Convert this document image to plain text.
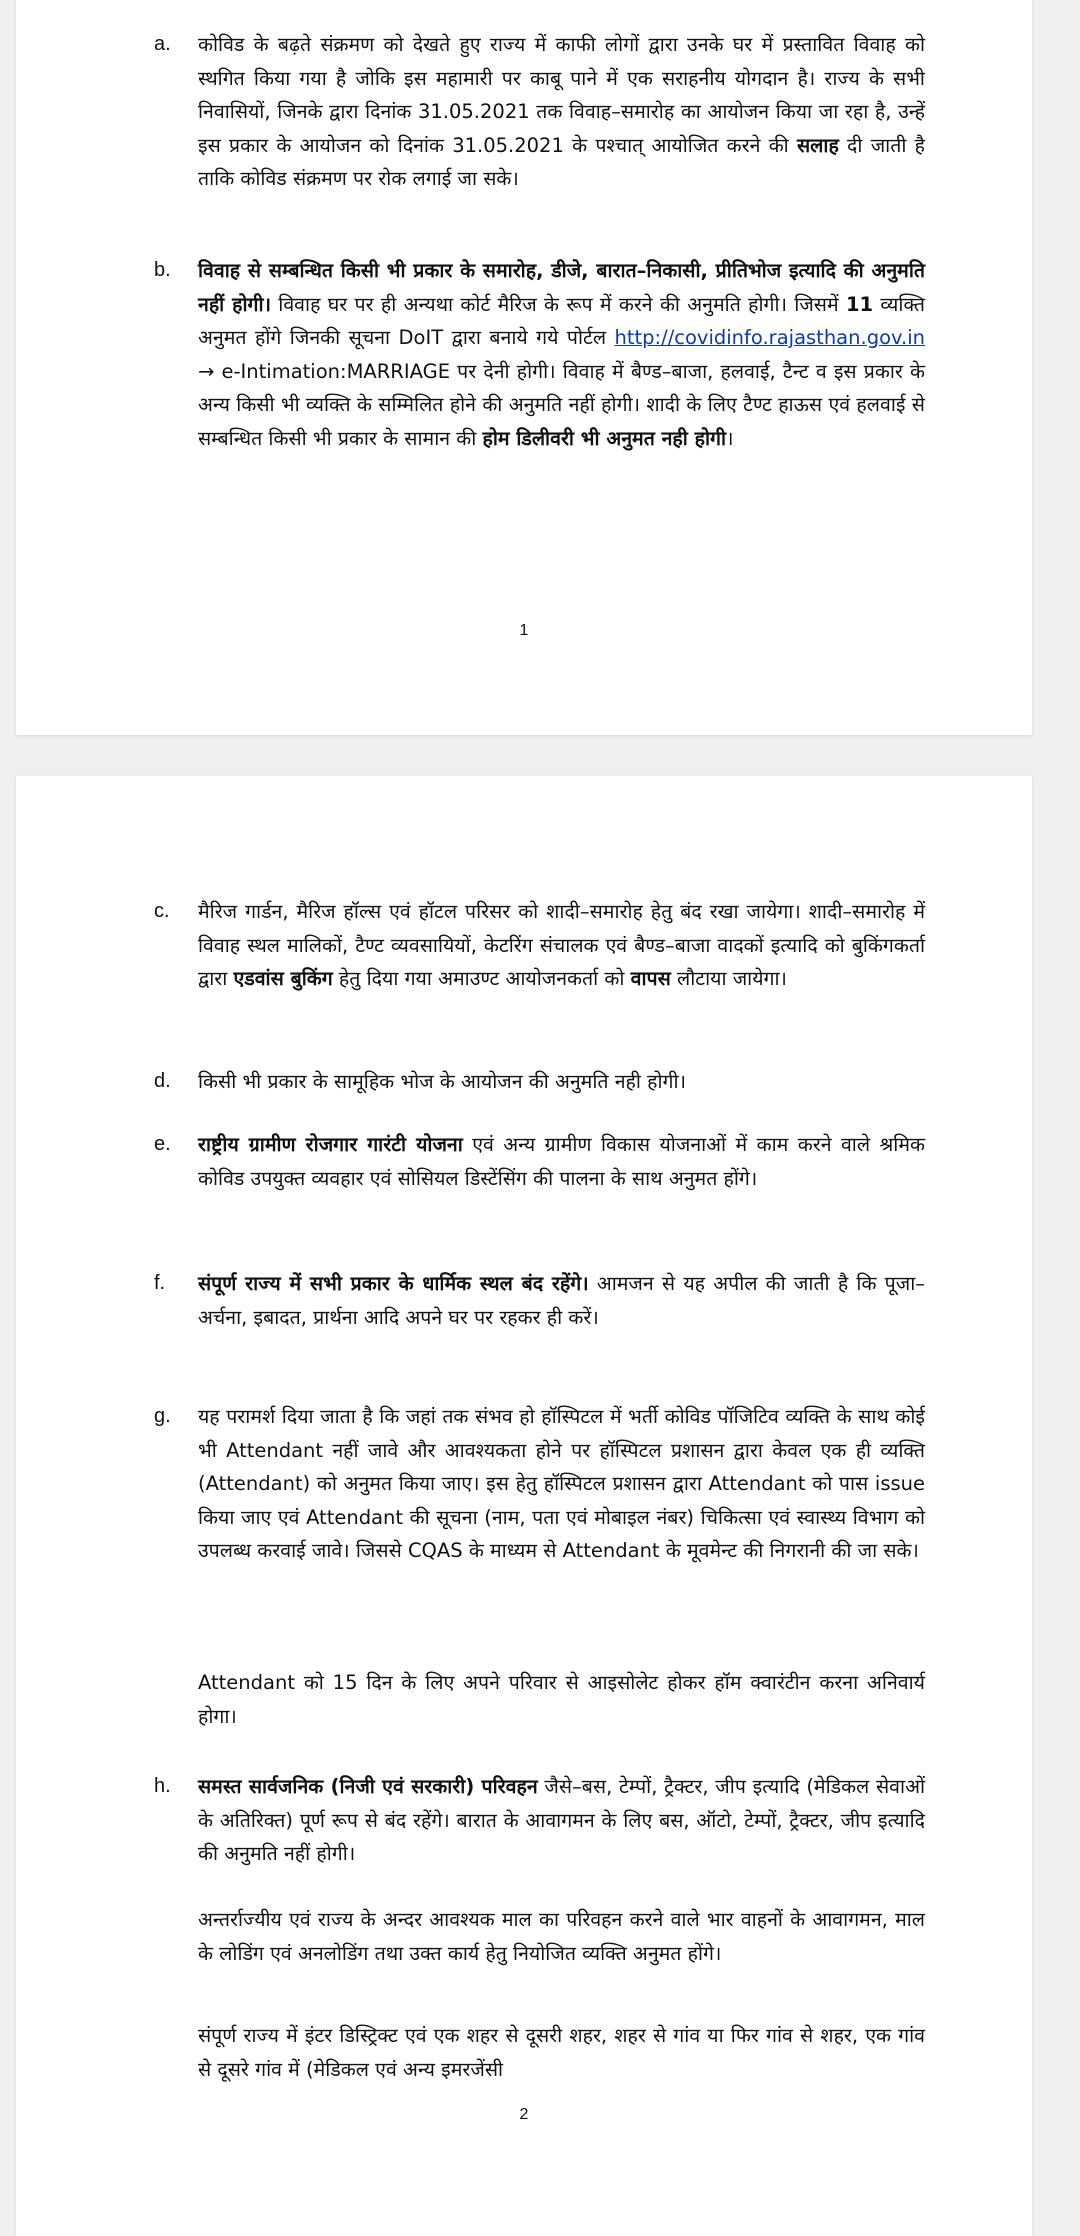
a.	कोविड के बढ़ते संक्रमण को देखते हुए राज्य में काफी लोगों द्वारा उनके घर में प्रस्तावित विवाह को स्थगित किया गया है जोकि इस महामारी पर काबू पाने में एक सराहनीय योगदान है। राज्य के सभी निवासियों, जिनके द्वारा दिनांक 31.05.2021 तक विवाह–समारोह का आयोजन किया जा रहा है, उन्हें इस प्रकार के आयोजन को दिनांक 31.05.2021 के पश्चात् आयोजित करने की सलाह दी जाती है ताकि कोविड संक्रमण पर रोक लगाई जा सके।
b.	विवाह से सम्बन्धित किसी भी प्रकार के समारोह, डीजे, बारात–निकासी, प्रीतिभोज इत्यादि की अनुमति नहीं होगी। विवाह घर पर ही अन्यथा कोर्ट मैरिज के रूप में करने की अनुमति होगी। जिसमें 11 व्यक्ति अनुमत होंगे जिनकी सूचना DoIT द्वारा बनाये गये पोर्टल http://covidinfo.rajasthan.gov.in → e-Intimation:MARRIAGE पर देनी होगी। विवाह में बैण्ड–बाजा, हलवाई, टैन्ट व इस प्रकार के अन्य किसी भी व्यक्ति के सम्मिलित होने की अनुमति नहीं होगी। शादी के लिए टैण्ट हाऊस एवं हलवाई से सम्बन्धित किसी भी प्रकार के सामान की होम डिलीवरी भी अनुमत नही होगी।
1
c.	मैरिज गार्डन, मैरिज हॉल्स एवं हॉटल परिसर को शादी–समारोह हेतु बंद रखा जायेगा। शादी–समारोह में विवाह स्थल मालिकों, टैण्ट व्यवसायियों, केटरिंग संचालक एवं बैण्ड–बाजा वादकों इत्यादि को बुकिंगकर्ता द्वारा एडवांस बुकिंग हेतु दिया गया अमाउण्ट आयोजनकर्ता को वापस लौटाया जायेगा।
d.	किसी भी प्रकार के सामूहिक भोज के आयोजन की अनुमति नही होगी।
e.	राष्ट्रीय ग्रामीण रोजगार गारंटी योजना एवं अन्य ग्रामीण विकास योजनाओं में काम करने वाले श्रमिक कोविड उपयुक्त व्यवहार एवं सोसियल डिस्टेंसिंग की पालना के साथ अनुमत होंगे।
f.	संपूर्ण राज्य में सभी प्रकार के धार्मिक स्थल बंद रहेंगे। आमजन से यह अपील की जाती है कि पूजा–अर्चना, इबादत, प्रार्थना आदि अपने घर पर रहकर ही करें।
g.	यह परामर्श दिया जाता है कि जहां तक संभव हो हॉस्पिटल में भर्ती कोविड पॉजिटिव व्यक्ति के साथ कोई भी Attendant नहीं जावे और आवश्यकता होने पर हॉस्पिटल प्रशासन द्वारा केवल एक ही व्यक्ति (Attendant) को अनुमत किया जाए। इस हेतु हॉस्पिटल प्रशासन द्वारा Attendant को पास issue किया जाए एवं Attendant की सूचना (नाम, पता एवं मोबाइल नंबर) चिकित्सा एवं स्वास्थ्य विभाग को उपलब्ध करवाई जावे। जिससे CQAS के माध्यम से Attendant के मूवमेन्ट की निगरानी की जा सके।
Attendant को 15 दिन के लिए अपने परिवार से आइसोलेट होकर हॉम क्वारंटीन करना अनिवार्य होगा।
h.	समस्त सार्वजनिक (निजी एवं सरकारी) परिवहन जैसे–बस, टेम्पों, ट्रैक्टर, जीप इत्यादि (मेडिकल सेवाओं के अतिरिक्त) पूर्ण रूप से बंद रहेंगे। बारात के आवागमन के लिए बस, ऑटो, टेम्पों, ट्रैक्टर, जीप इत्यादि की अनुमति नहीं होगी।
अन्तर्राज्यीय एवं राज्य के अन्दर आवश्यक माल का परिवहन करने वाले भार वाहनों के आवागमन, माल के लोडिंग एवं अनलोडिंग तथा उक्त कार्य हेतु नियोजित व्यक्ति अनुमत होंगे।
संपूर्ण राज्य में इंटर डिस्ट्रिक्ट एवं एक शहर से दूसरी शहर, शहर से गांव या फिर गांव से शहर, एक गांव से दूसरे गांव में (मेडिकल एवं अन्य इमरजेंसी
2
